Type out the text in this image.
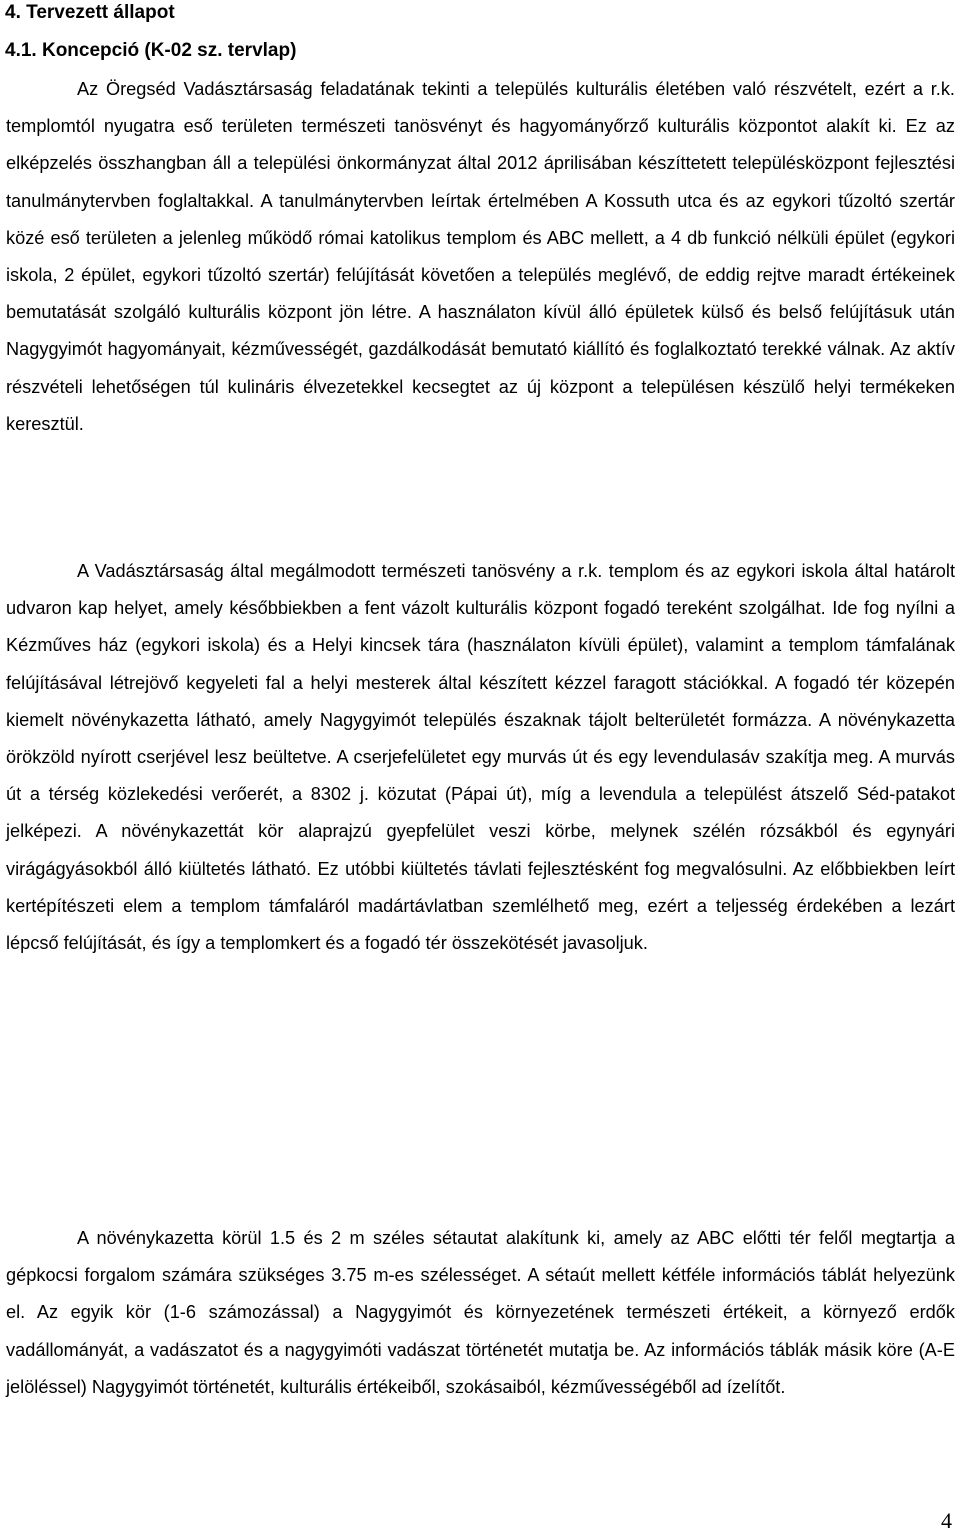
4. Tervezett állapot
4.1. Koncepció (K-02 sz. tervlap)

Az Öregséd Vadásztársaság feladatának tekinti a település kulturális életében való részvételt, ezért a r.k. templomtól nyugatra eső területen természeti tanösvényt és hagyományőrző kulturális központot alakít ki. Ez az elképzelés összhangban áll a települési önkormányzat által 2012 áprilisában készíttetett településközpont fejlesztési tanulmánytervben foglaltakkal. A tanulmánytervben leírtak értelmében A Kossuth utca és az egykori tűzoltó szertár közé eső területen a jelenleg működő római katolikus templom és ABC mellett, a 4 db funkció nélküli épület (egykori iskola, 2 épület, egykori tűzoltó szertár) felújítását követően a település meglévő, de eddig rejtve maradt értékeinek bemutatását szolgáló kulturális központ jön létre. A használaton kívül álló épületek külső és belső felújításuk után Nagygyimót hagyományait, kézművességét, gazdálkodását bemutató kiállító és foglalkoztató terekké válnak. Az aktív részvételi lehetőségen túl kulináris élvezetekkel kecsegtet az új központ a településen készülő helyi termékeken keresztül.

A Vadásztársaság által megálmodott természeti tanösvény a r.k. templom és az egykori iskola által határolt udvaron kap helyet, amely későbbiekben a fent vázolt kulturális központ fogadó tereként szolgálhat. Ide fog nyílni a Kézműves ház (egykori iskola) és a Helyi kincsek tára (használaton kívüli épület), valamint a templom támfalának felújításával létrejövő kegyeleti fal a helyi mesterek által készített kézzel faragott stációkkal. A fogadó tér közepén kiemelt növénykazetta látható, amely Nagygyimót település északnak tájolt belterületét formázza. A növénykazetta örökzöld nyírott cserjével lesz beültetve. A cserjefelületet egy murvás út és egy levendulasáv szakítja meg. A murvás út a térség közlekedési verőerét, a 8302 j. közutat (Pápai út), míg a levendula a települést átszelő Séd-patakot jelképezi. A növénykazettát kör alaprajzú gyepfelület veszi körbe, melynek szélén rózsákból és egynyári virágágyásokból álló kiültetés látható. Ez utóbbi kiültetés távlati fejlesztésként fog megvalósulni. Az előbbiekben leírt kertépítészeti elem a templom támfaláról madártávlatban szemlélhető meg, ezért a teljesség érdekében a lezárt lépcső felújítását, és így a templomkert és a fogadó tér összekötését javasoljuk.

A növénykazetta körül 1.5 és 2 m széles sétautat alakítunk ki, amely az ABC előtti tér felől megtartja a gépkocsi forgalom számára szükséges 3.75 m-es szélességet. A sétaút mellett kétféle információs táblát helyezünk el. Az egyik kör (1-6 számozással) a Nagygyimót és környezetének természeti értékeit, a környező erdők vadállományát, a vadászatot és a nagygyimóti vadászat történetét mutatja be. Az információs táblák másik köre (A-E jelöléssel) Nagygyimót történetét, kulturális értékeiből, szokásaiból, kézművességéből ad ízelítőt.

4
